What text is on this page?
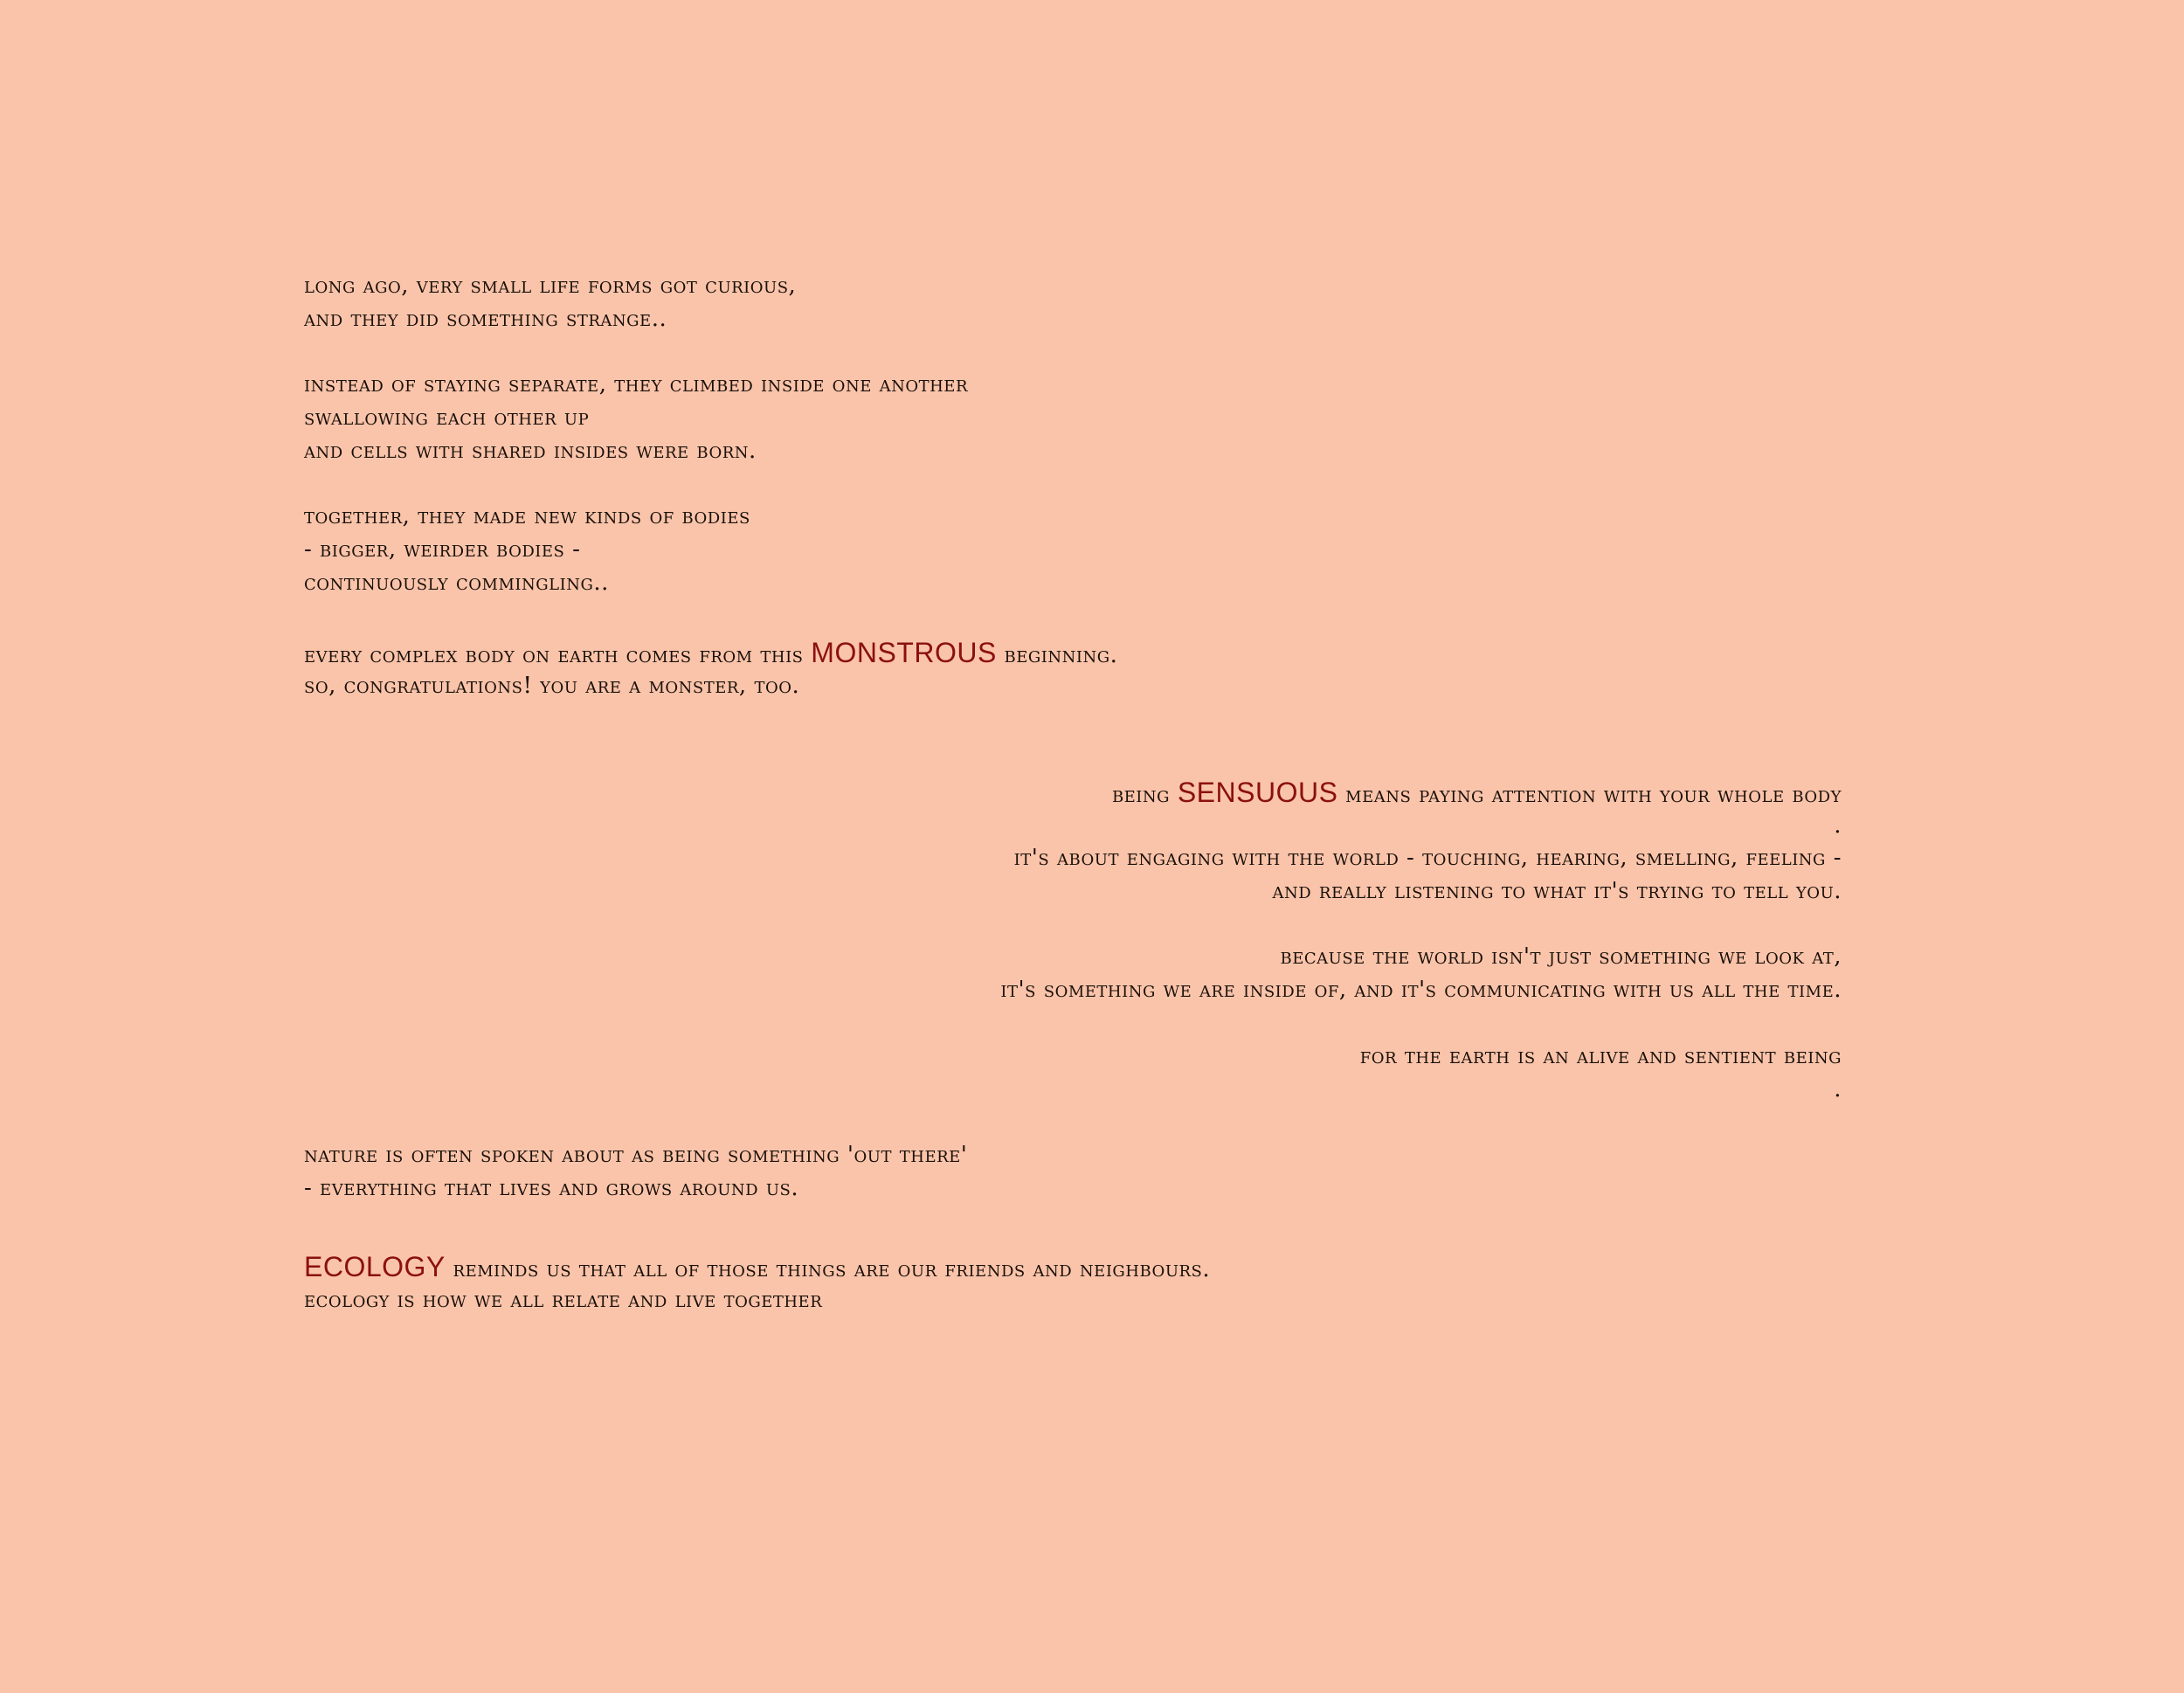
long ago, very small life forms got curious,
and they did something strange..

instead of staying separate, they climbed inside one another
swallowing each other up
and cells with shared insides were born.

together, they made new kinds of bodies
- bigger, weirder bodies -
continuously commingling..

every complex body on earth comes from this MONSTROUS beginning.
so, congratulations! you are a monster, too.

being SENSUOUS means paying attention with your whole body
.

it's about engaging with the world - touching, hearing, smelling, feeling -
and really listening to what it's trying to tell you.

because the world isn't just something we look at,
it's something we are inside of, and it's communicating with us all the time.

for the earth is an alive and sentient being
.

nature is often spoken about as being something 'out there'
- everything that lives and grows around us.

ECOLOGY reminds us that all of those things are our friends and neighbours.
ecology is how we all relate and live together
